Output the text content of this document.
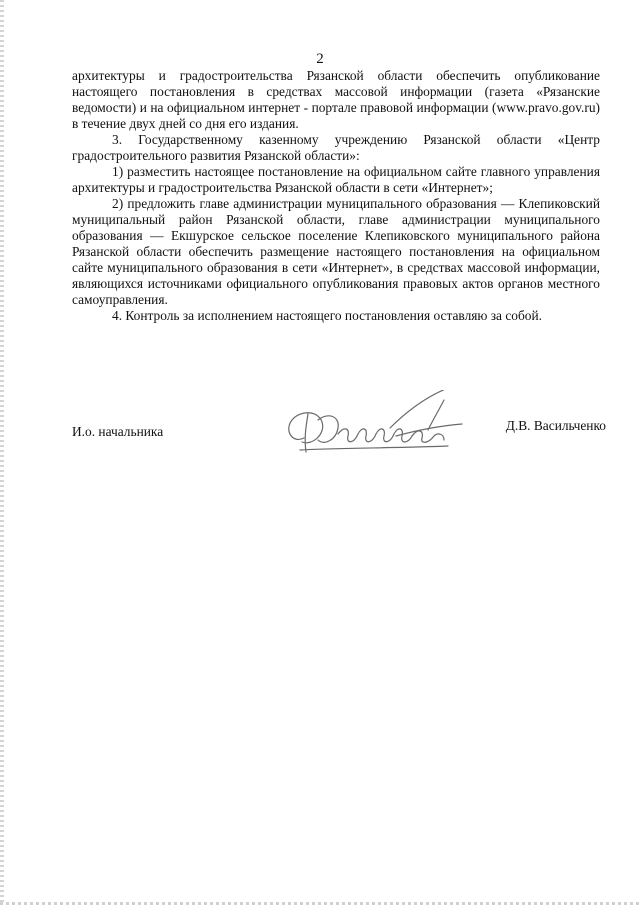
2

архитектуры и градостроительства Рязанской области обеспечить опубликование настоящего постановления в средствах массовой информации (газета «Рязанские ведомости) и на официальном интернет - портале правовой информации (www.pravo.gov.ru) в течение двух дней со дня его издания.

3. Государственному казенному учреждению Рязанской области «Центр градостроительного развития Рязанской области»:

1) разместить настоящее постановление на официальном сайте главного управления архитектуры и градостроительства Рязанской области в сети «Интернет»;

2) предложить главе администрации муниципального образования — Клепиковский муниципальный район Рязанской области, главе администрации муниципального образования — Екшурское сельское поселение Клепиковского муниципального района Рязанской области обеспечить размещение настоящего постановления на официальном сайте муниципального образования в сети «Интернет», в средствах массовой информации, являющихся источниками официального опубликования правовых актов органов местного самоуправления.

4. Контроль за исполнением настоящего постановления оставляю за собой.

И.о. начальника	Д.В. Васильченко
